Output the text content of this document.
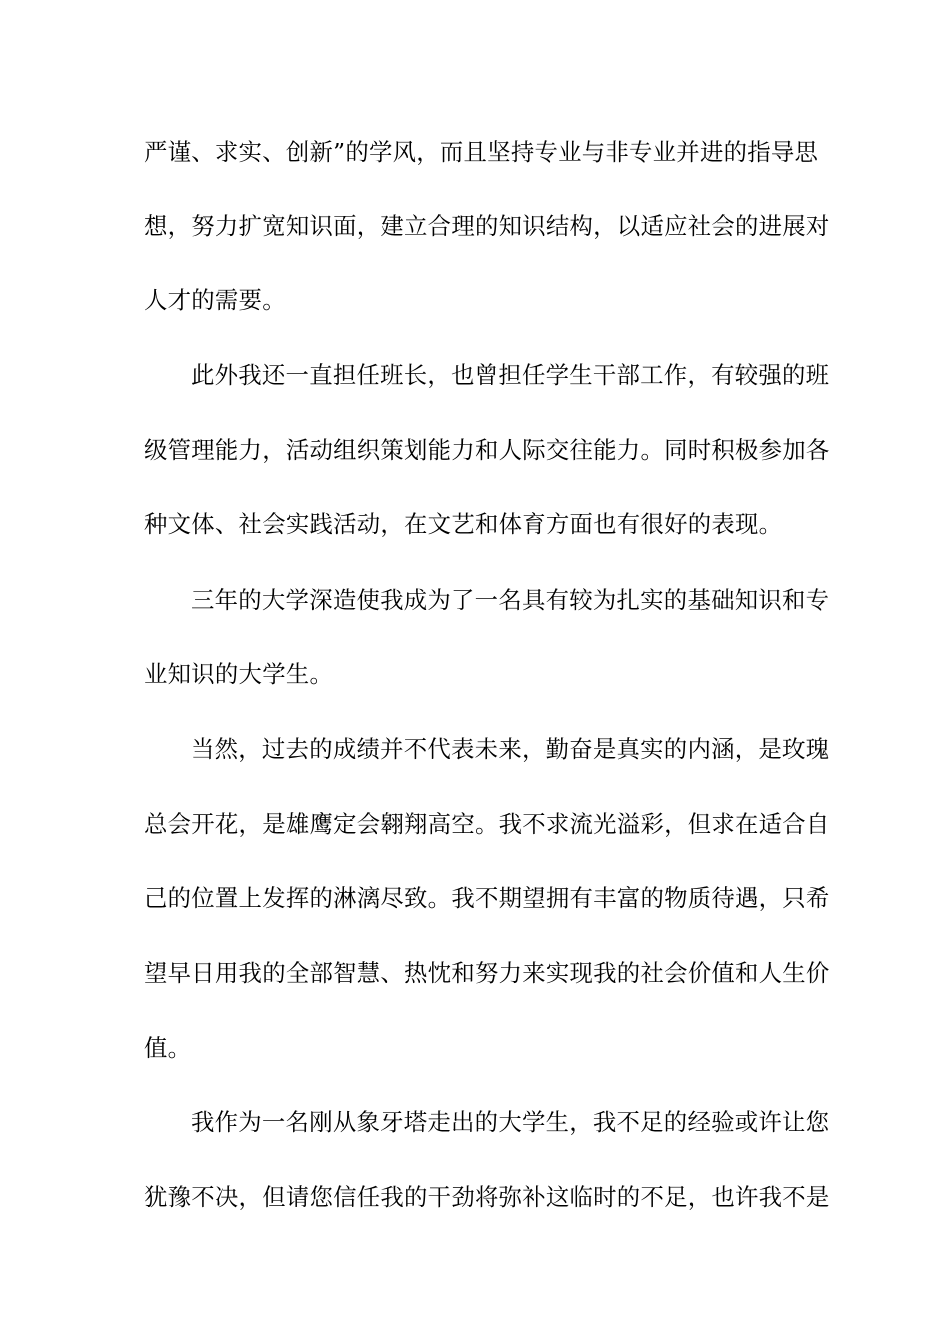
严谨、求实、创新”的学风，而且坚持专业与非专业并进的指导思
想，努力扩宽知识面，建立合理的知识结构，以适应社会的进展对
人才的需要。
此外我还一直担任班长，也曾担任学生干部工作，有较强的班
级管理能力，活动组织策划能力和人际交往能力。同时积极参加各
种文体、社会实践活动，在文艺和体育方面也有很好的表现。
三年的大学深造使我成为了一名具有较为扎实的基础知识和专
业知识的大学生。
当然，过去的成绩并不代表未来，勤奋是真实的内涵，是玫瑰
总会开花，是雄鹰定会翱翔高空。我不求流光溢彩，但求在适合自
己的位置上发挥的淋漓尽致。我不期望拥有丰富的物质待遇，只希
望早日用我的全部智慧、热忱和努力来实现我的社会价值和人生价
值。
我作为一名刚从象牙塔走出的大学生，我不足的经验或许让您
犹豫不决，但请您信任我的干劲将弥补这临时的不足，也许我不是
